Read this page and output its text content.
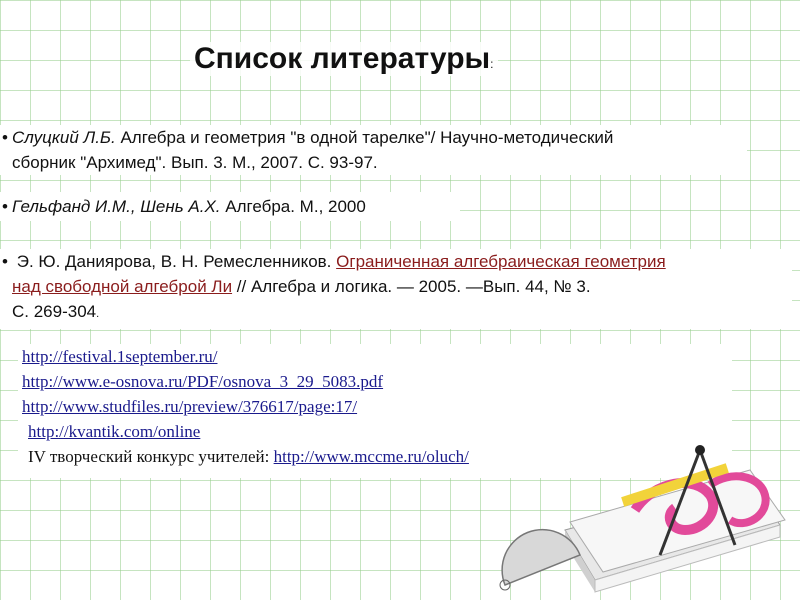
Список литературы:
• Слуцкий Л.Б. Алгебра и геометрия "в одной тарелке"/ Научно-методический
сборник "Архимед". Вып. 3. М., 2007. С. 93-97.
• Гельфанд И.М., Шень А.Х. Алгебра. М., 2000
• Э. Ю. Даниярова, В. Н. Ремесленников. Ограниченная алгебраическая геометрия
над свободной алгеброй Ли // Алгебра и логика. — 2005. —Вып. 44, № 3.
С. 269-304.
http://festival.1september.ru/
http://www.e-osnova.ru/PDF/osnova_3_29_5083.pdf
http://www.studfiles.ru/preview/376617/page:17/
http://kvantik.com/online
IV творческий конкурс учителей: http://www.mccme.ru/oluch/
